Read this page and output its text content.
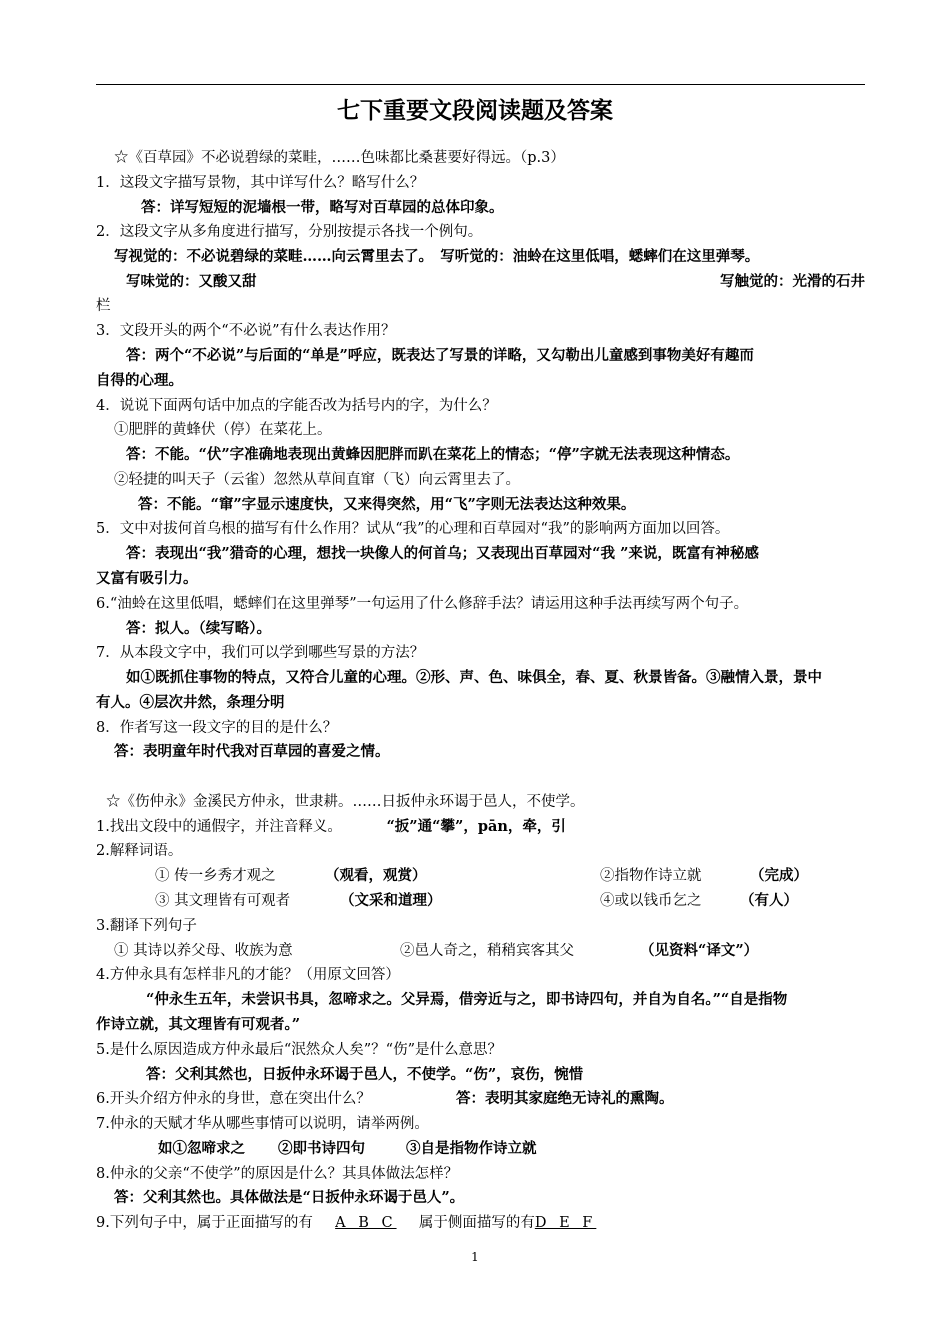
七下重要文段阅读题及答案
☆《百草园》不必说碧绿的菜畦，……色味都比桑葚要好得远。（p.3）
1．这段文字描写景物，其中详写什么？略写什么？
答：详写短短的泥墙根一带，略写对百草园的总体印象。
2．这段文字从多角度进行描写，分别按提示各找一个例句。
写视觉的：不必说碧绿的菜畦……向云霄里去了。　写听觉的：油蛉在这里低唱，蟋蟀们在这里弹琴。
写味觉的：又酸又甜	写触觉的：光滑的石井
栏
3．文段开头的两个“不必说”有什么表达作用？
答：两个“不必说”与后面的“单是”呼应，既表达了写景的详略，又勾勒出儿童感到事物美好有趣而
自得的心理。
4．说说下面两句话中加点的字能否改为括号内的字，为什么？
①肥胖的黄蜂伏（停）在菜花上。
答：不能。“伏”字准确地表现出黄蜂因肥胖而趴在菜花上的情态；“停”字就无法表现这种情态。
②轻捷的叫天子（云雀）忽然从草间直窜（飞）向云霄里去了。
答：不能。“窜”字显示速度快，又来得突然，用“飞”字则无法表达这种效果。
5．文中对拔何首乌根的描写有什么作用？试从“我”的心理和百草园对“我”的影响两方面加以回答。
答：表现出“我”猎奇的心理，想找一块像人的何首乌；又表现出百草园对“我 ”来说，既富有神秘感
又富有吸引力。
6.“油蛉在这里低唱，蟋蟀们在这里弹琴”一句运用了什么修辞手法？请运用这种手法再续写两个句子。
答：拟人。（续写略）。
7．从本段文字中，我们可以学到哪些写景的方法？
如①既抓住事物的特点，又符合儿童的心理。②形、声、色、味俱全，春、夏、秋景皆备。③融情入景，景中
有人。④层次井然，条理分明
8．作者写这一段文字的目的是什么？
答：表明童年时代我对百草园的喜爱之情。
☆《伤仲永》金溪民方仲永，世隶耕。……日扳仲永环谒于邑人，不使学。
1.找出文段中的通假字，并注音释义。	“扳”通“攀”，pān，牵，引
2.解释词语。
① 传一乡秀才观之	（观看，观赏）	②指物作诗立就	（完成）
③ 其文理皆有可观者	（文采和道理）	④或以钱币乞之	（有人）
3.翻译下列句子
① 其诗以养父母、收族为意	②邑人奇之，稍稍宾客其父	（见资料“译文”）
4.方仲永具有怎样非凡的才能？（用原文回答）
“仲永生五年，未尝识书具，忽啼求之。父异焉，借旁近与之，即书诗四句，并自为自名。”“自是指物
作诗立就，其文理皆有可观者。”
5.是什么原因造成方仲永最后“泯然众人矣”？“伤”是什么意思？
答：父利其然也，日扳仲永环谒于邑人，不使学。“伤”，哀伤，惋惜
6.开头介绍方仲永的身世，意在突出什么？	答：表明其家庭绝无诗礼的熏陶。
7.仲永的天赋才华从哪些事情可以说明，请举两例。
如①忽啼求之 ②即书诗四句	③自是指物作诗立就
8.仲永的父亲“不使学”的原因是什么？其具体做法怎样？
答：父利其然也。具体做法是“日扳仲永环谒于邑人”。
9.下列句子中，属于正面描写的有 A B C 属于侧面描写的有D E F
1
